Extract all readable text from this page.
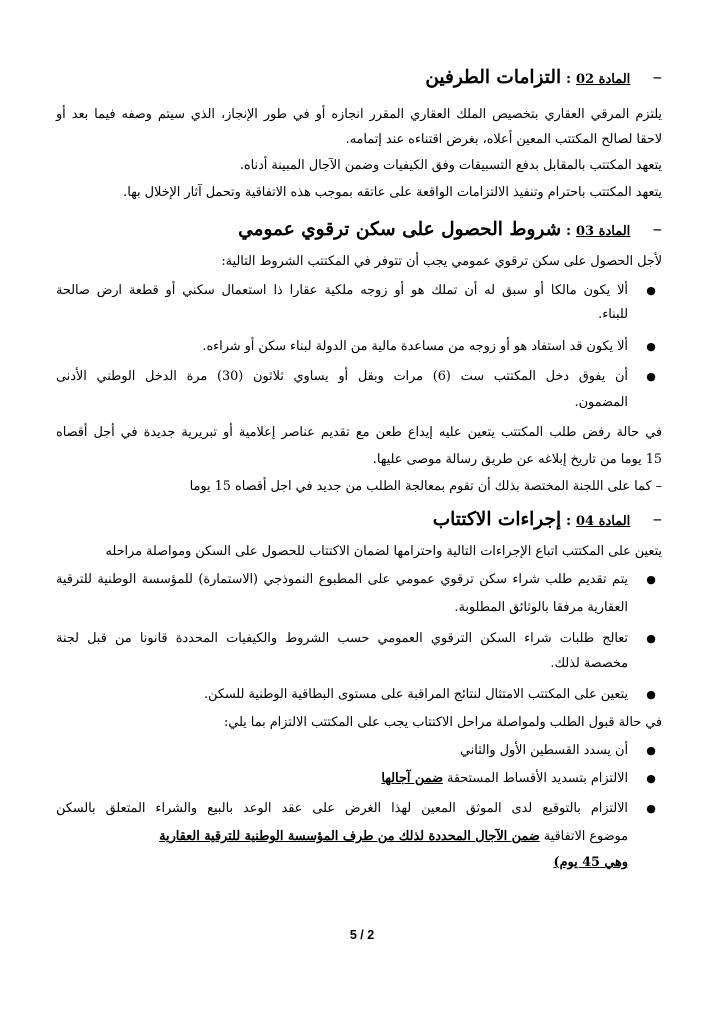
– المادة 02 : التزامات الطرفين
يلتزم المرقي العقاري بتخصيص الملك العقاري المقرر انجازه أو في طور الإنجاز، الذي سيتم وصفه فيما بعد أو
لاحقا لصالح المكتتب المعين أعلاه، بغرض اقتناءه عند إتمامه.
يتعهد المكتتب بالمقابل بدفع التسبيقات وفق الكيفيات وضمن الآجال المبينة أدناه.
يتعهد المكتتب باحترام وتنفيذ الالتزامات الواقعة على عاتقه بموجب هذه الاتفاقية وتحمل آثار الإخلال بها.
– المادة 03 : شروط الحصول على سكن ترقوي عمومي
لأجل الحصول على سكن ترقوي عمومي يجب أن تتوفر في المكتتب الشروط التالية:
●
ألا يكون مالكا أو سبق له أن تملك هو أو زوجه ملكية عقارا ذا استعمال سكني أو قطعة ارض صالحة
للبناء.
●
ألا يكون قد استفاد هو أو زوجه من مساعدة مالية من الدولة لبناء سكن أو شراءه.
●
أن يفوق دخل المكتتب ست (6) مرات وبقل أو يساوي ثلاثون (30) مرة الدخل الوطني الأدنى
المضمون.
في حالة رفض طلب المكتتب يتعين عليه إيداع طعن مع تقديم عناصر إعلامية أو تبريرية جديدة في أجل أقصاه
15 يوما من تاريخ إبلاغه عن طريق رسالة موصى عليها.
– كما على اللجنة المختصة بذلك أن تقوم بمعالجة الطلب من جديد في اجل أقصاه 15 يوما
– المادة 04 : إجراءات الاكتتاب
يتعين على المكتتب اتباع الإجراءات التالية واحترامها لضمان الاكتتاب للحصول على السكن ومواصلة مراحله
●
يتم تقديم طلب شراء سكن ترقوي عمومي على المطبوع النموذجي (الاستمارة) للمؤسسة الوطنية للترقية
العقارية مرفقا بالوثائق المطلوبة.
●
تعالج طلبات شراء السكن الترقوي العمومي حسب الشروط والكيفيات المحددة قانونا من قبل لجنة
مخصصة لذلك.
●
يتعين على المكتتب الامتثال لنتائج المراقبة على مستوى البطاقية الوطنية للسكن.
في حالة قبول الطلب ولمواصلة مراحل الاكتتاب يجب على المكتتب الالتزام بما يلي:
●
أن يسدد القسطين الأول والثاني
●
الالتزام بتسديد الأقساط المستحقة ضمن آجالها
●
الالتزام بالتوقيع لدى الموثق المعين لهذا الغرض على عقد الوعد بالبيع والشراء المتعلق بالسكن
موضوع الاتفاقية ضمن الآجال المحددة لذلك من طرف المؤسسة الوطنية للترقية العقارية
وهي 45 يوم)
2 / 5
